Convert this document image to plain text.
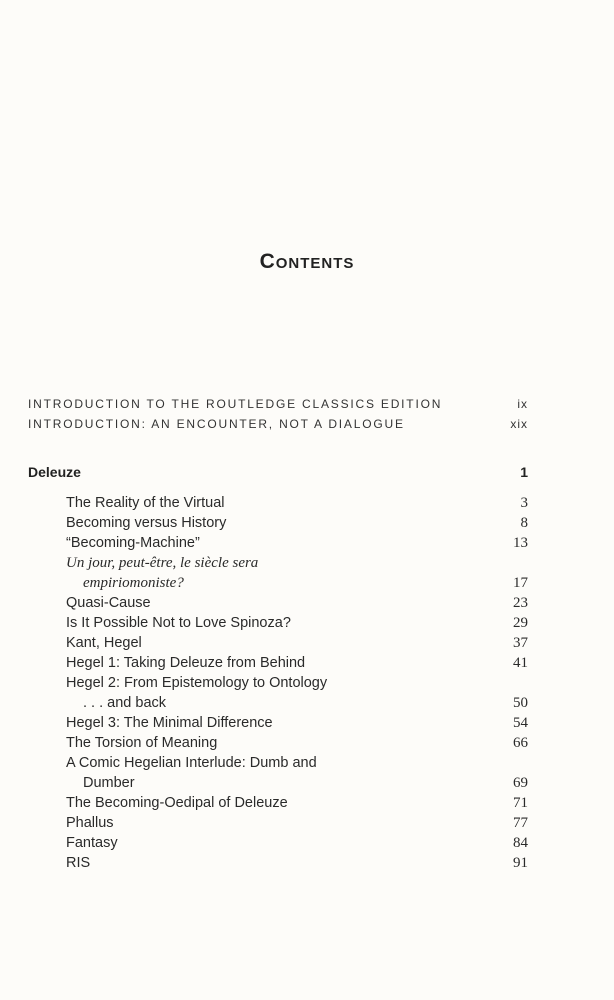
Contents
INTRODUCTION TO THE ROUTLEDGE CLASSICS EDITION	ix
INTRODUCTION: AN ENCOUNTER, NOT A DIALOGUE	xix
Deleuze	1
The Reality of the Virtual	3
Becoming versus History	8
“Becoming-Machine”	13
Un jour, peut-être, le siècle sera
empiriomoniste?	17
Quasi-Cause	23
Is It Possible Not to Love Spinoza?	29
Kant, Hegel	37
Hegel 1: Taking Deleuze from Behind	41
Hegel 2: From Epistemology to Ontology
. . . and back	50
Hegel 3: The Minimal Difference	54
The Torsion of Meaning	66
A Comic Hegelian Interlude: Dumb and
Dumber	69
The Becoming-Oedipal of Deleuze	71
Phallus	77
Fantasy	84
RIS	91
